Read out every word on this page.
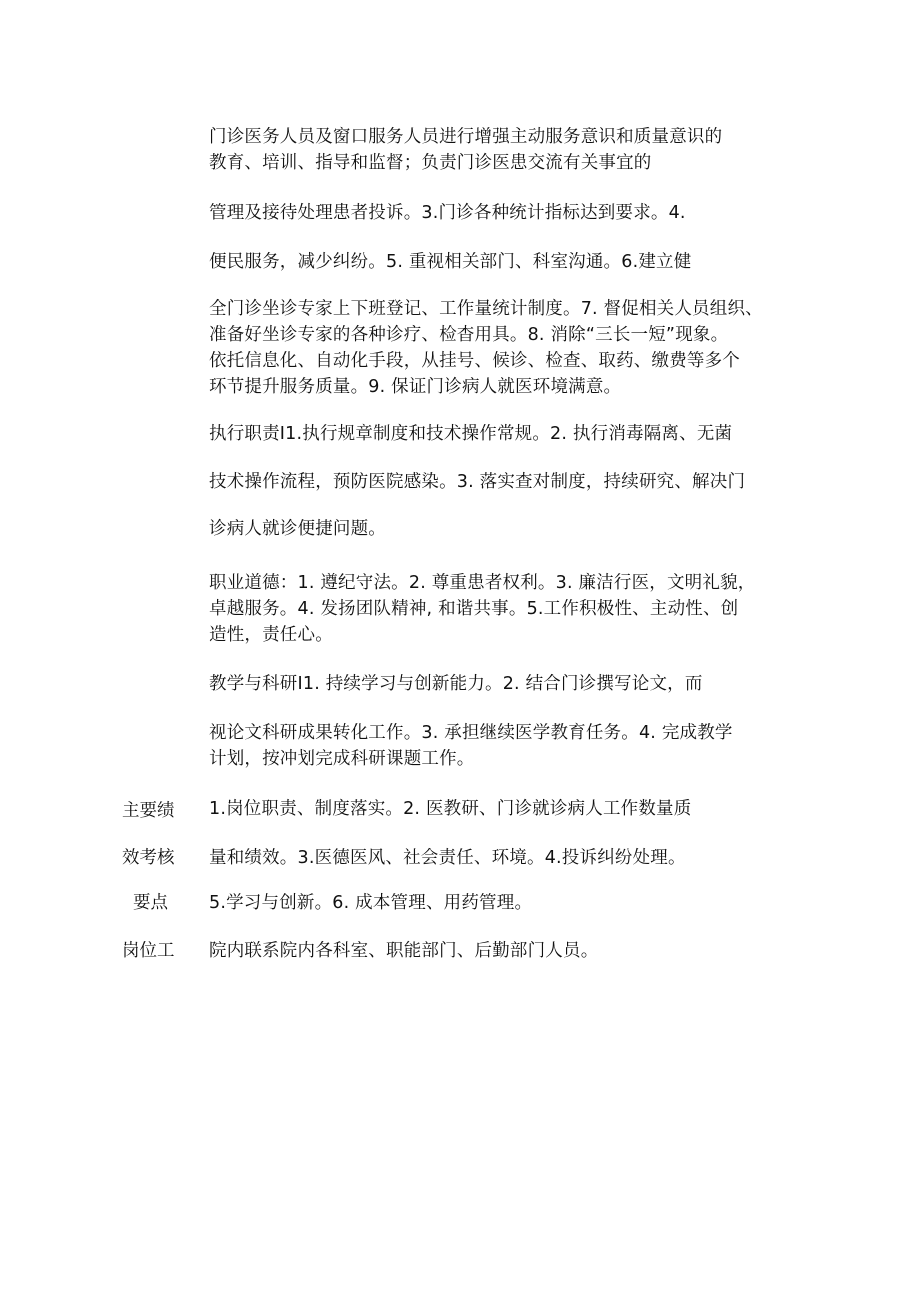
门诊医务人员及窗口服务人员进行增强主动服务意识和质量意识的
教育、培训、指导和监督；负责门诊医患交流有关事宜的
管理及接待处理患者投诉。3.门诊各种统计指标达到要求。4.
便民服务，减少纠纷。5. 重视相关部门、科室沟通。6.建立健
全门诊坐诊专家上下班登记、工作量统计制度。7. 督促相关人员组织、
准备好坐诊专家的各种诊疗、检杳用具。8. 消除“三长一短”现象。
依托信息化、自动化手段，从挂号、候诊、检查、取药、缴费等多个
环节提升服务质量。9. 保证门诊病人就医环境满意。
执行职责I1.执行规章制度和技术操作常规。2. 执行消毒隔离、无菌
技术操作流程，预防医院感染。3. 落实查对制度，持续研究、解决门
诊病人就诊便捷问题。
职业道德：1. 遵纪守法。2. 尊重患者权利。3. 廉洁行医，文明礼貌，
卓越服务。4. 发扬团队精神, 和谐共事。5.工作积极性、主动性、创
造性，责任心。
教学与科研I1. 持续学习与创新能力。2. 结合门诊撰写论文，而
视论文科研成果转化工作。3. 承担继续医学教育任务。4. 完成教学
计划，按冲划完成科研课题工作。
主要绩 1.岗位职责、制度落实。2. 医教研、门诊就诊病人工作数量质
效考核 量和绩效。3.医德医风、社会责任、环境。4.投诉纠纷处理。
要点 5.学习与创新。6. 成本管理、用药管理。
岗位工 院内联系院内各科室、职能部门、后勤部门人员。
